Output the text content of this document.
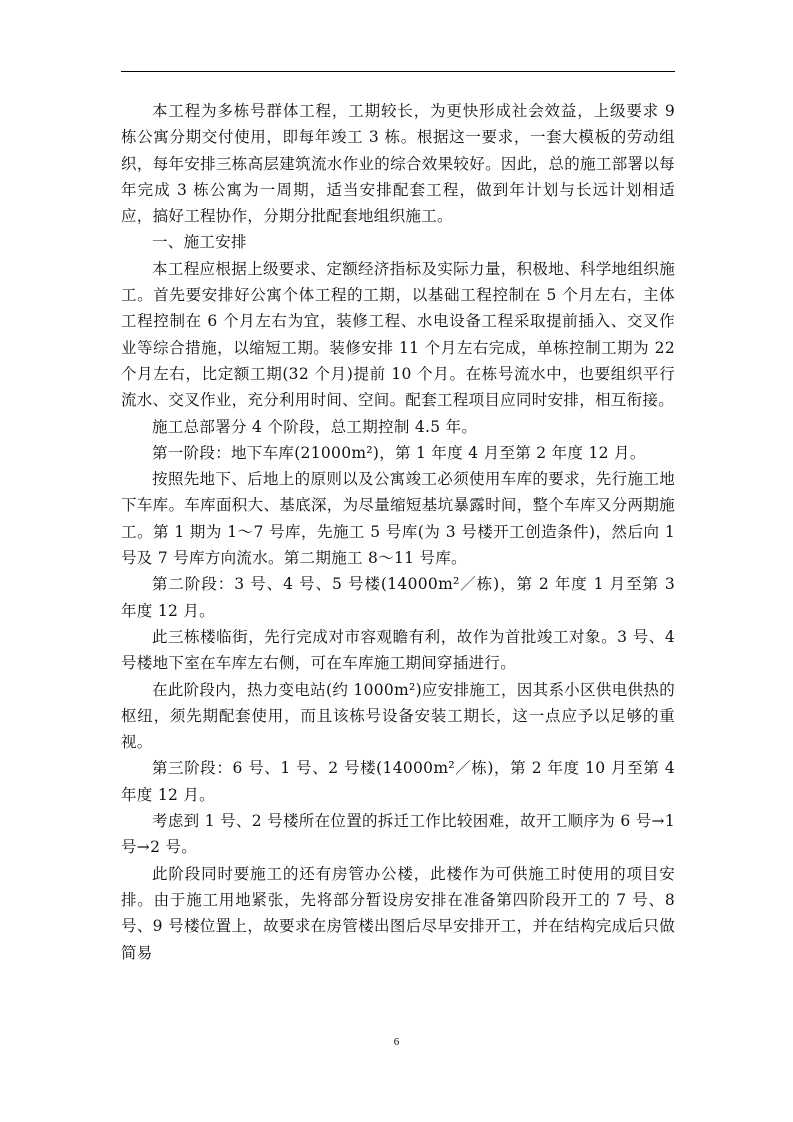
本工程为多栋号群体工程，工期较长，为更快形成社会效益，上级要求 9 栋公寓分期交付使用，即每年竣工 3 栋。根据这一要求，一套大模板的劳动组织，每年安排三栋高层建筑流水作业的综合效果较好。因此，总的施工部署以每年完成 3 栋公寓为一周期，适当安排配套工程，做到年计划与长远计划相适应，搞好工程协作，分期分批配套地组织施工。

一、施工安排

本工程应根据上级要求、定额经济指标及实际力量，积极地、科学地组织施工。首先要安排好公寓个体工程的工期，以基础工程控制在 5 个月左右，主体工程控制在 6 个月左右为宜，装修工程、水电设备工程采取提前插入、交叉作业等综合措施，以缩短工期。装修安排 11 个月左右完成，单栋控制工期为 22 个月左右，比定额工期(32 个月)提前 10 个月。在栋号流水中，也要组织平行流水、交叉作业，充分利用时间、空间。配套工程项目应同时安排，相互衔接。

施工总部署分 4 个阶段，总工期控制 4.5 年。

第一阶段：地下车库(21000m²)，第 1 年度 4 月至第 2 年度 12 月。

按照先地下、后地上的原则以及公寓竣工必须使用车库的要求，先行施工地下车库。车库面积大、基底深，为尽量缩短基坑暴露时间，整个车库又分两期施工。第 1 期为 1～7 号库，先施工 5 号库(为 3 号楼开工创造条件)，然后向 1 号及 7 号库方向流水。第二期施工 8～11 号库。

第二阶段：3 号、4 号、5 号楼(14000m²／栋)，第 2 年度 1 月至第 3 年度 12 月。

此三栋楼临街，先行完成对市容观瞻有利，故作为首批竣工对象。3 号、4 号楼地下室在车库左右侧，可在车库施工期间穿插进行。

在此阶段内，热力变电站(约 1000m²)应安排施工，因其系小区供电供热的枢纽，须先期配套使用，而且该栋号设备安装工期长，这一点应予以足够的重视。

第三阶段：6 号、1 号、2 号楼(14000m²／栋)，第 2 年度 10 月至第 4 年度 12 月。

考虑到 1 号、2 号楼所在位置的拆迁工作比较困难，故开工顺序为 6 号→1 号→2 号。

此阶段同时要施工的还有房管办公楼，此楼作为可供施工时使用的项目安排。由于施工用地紧张，先将部分暂设房安排在准备第四阶段开工的 7 号、8 号、9 号楼位置上，故要求在房管楼出图后尽早安排开工，并在结构完成后只做简易

6
